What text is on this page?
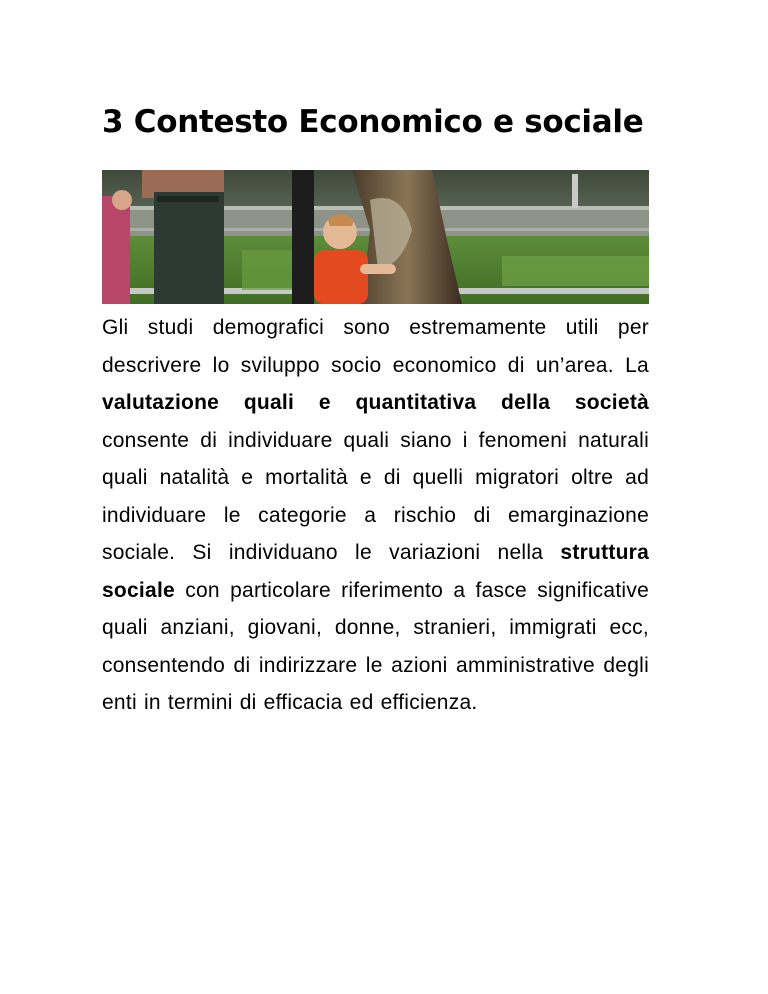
3 Contesto Economico e sociale

Gli studi demografici sono estremamente utili per descrivere lo sviluppo socio economico di un’area. La valutazione quali e quantitativa della società consente di individuare quali siano i fenomeni naturali quali natalità e mortalità e di quelli migratori oltre ad individuare le categorie a rischio di emarginazione sociale. Si individuano le variazioni nella struttura sociale con particolare riferimento a fasce significative quali anziani, giovani, donne, stranieri, immigrati ecc, consentendo di indirizzare le azioni amministrative degli enti in termini di efficacia ed efficienza.
